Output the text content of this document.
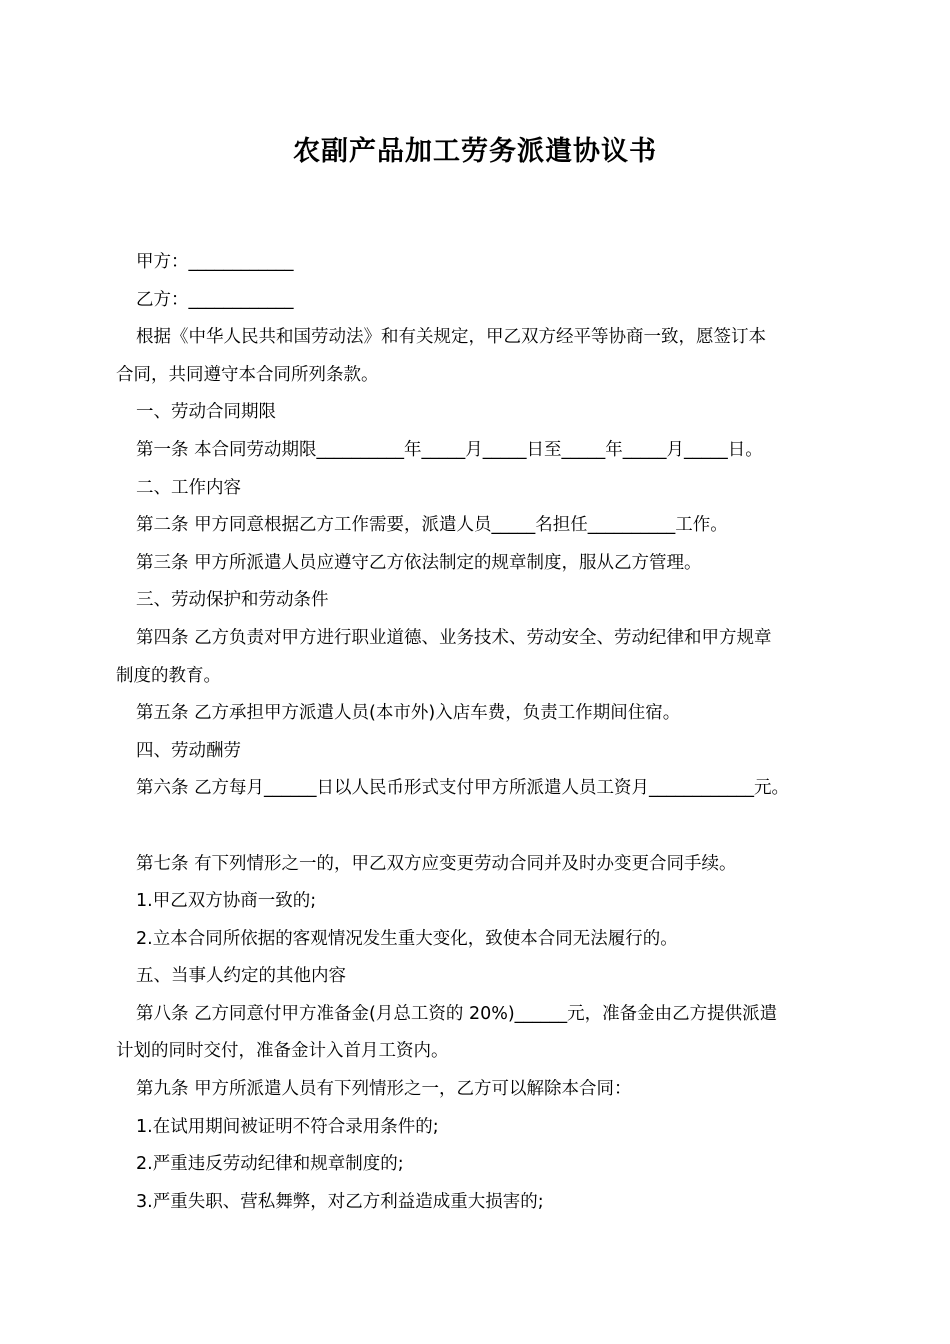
农副产品加工劳务派遣协议书
甲方：____________
乙方：____________
根据《中华人民共和国劳动法》和有关规定，甲乙双方经平等协商一致，愿签订本
合同，共同遵守本合同所列条款。
一、劳动合同期限
第一条 本合同劳动期限__________年_____月_____日至_____年_____月_____日。
二、工作内容
第二条 甲方同意根据乙方工作需要，派遣人员_____名担任__________工作。
第三条 甲方所派遣人员应遵守乙方依法制定的规章制度，服从乙方管理。
三、劳动保护和劳动条件
第四条 乙方负责对甲方进行职业道德、业务技术、劳动安全、劳动纪律和甲方规章
制度的教育。
第五条 乙方承担甲方派遣人员(本市外)入店车费，负责工作期间住宿。
四、劳动酬劳
第六条 乙方每月______日以人民币形式支付甲方所派遣人员工资月____________元。
第七条 有下列情形之一的，甲乙双方应变更劳动合同并及时办变更合同手续。
1.甲乙双方协商一致的;
2.立本合同所依据的客观情况发生重大变化，致使本合同无法履行的。
五、当事人约定的其他内容
第八条 乙方同意付甲方准备金(月总工资的 20%)______元，准备金由乙方提供派遣
计划的同时交付，准备金计入首月工资内。
第九条 甲方所派遣人员有下列情形之一，乙方可以解除本合同：
1.在试用期间被证明不符合录用条件的;
2.严重违反劳动纪律和规章制度的;
3.严重失职、营私舞弊，对乙方利益造成重大损害的;
